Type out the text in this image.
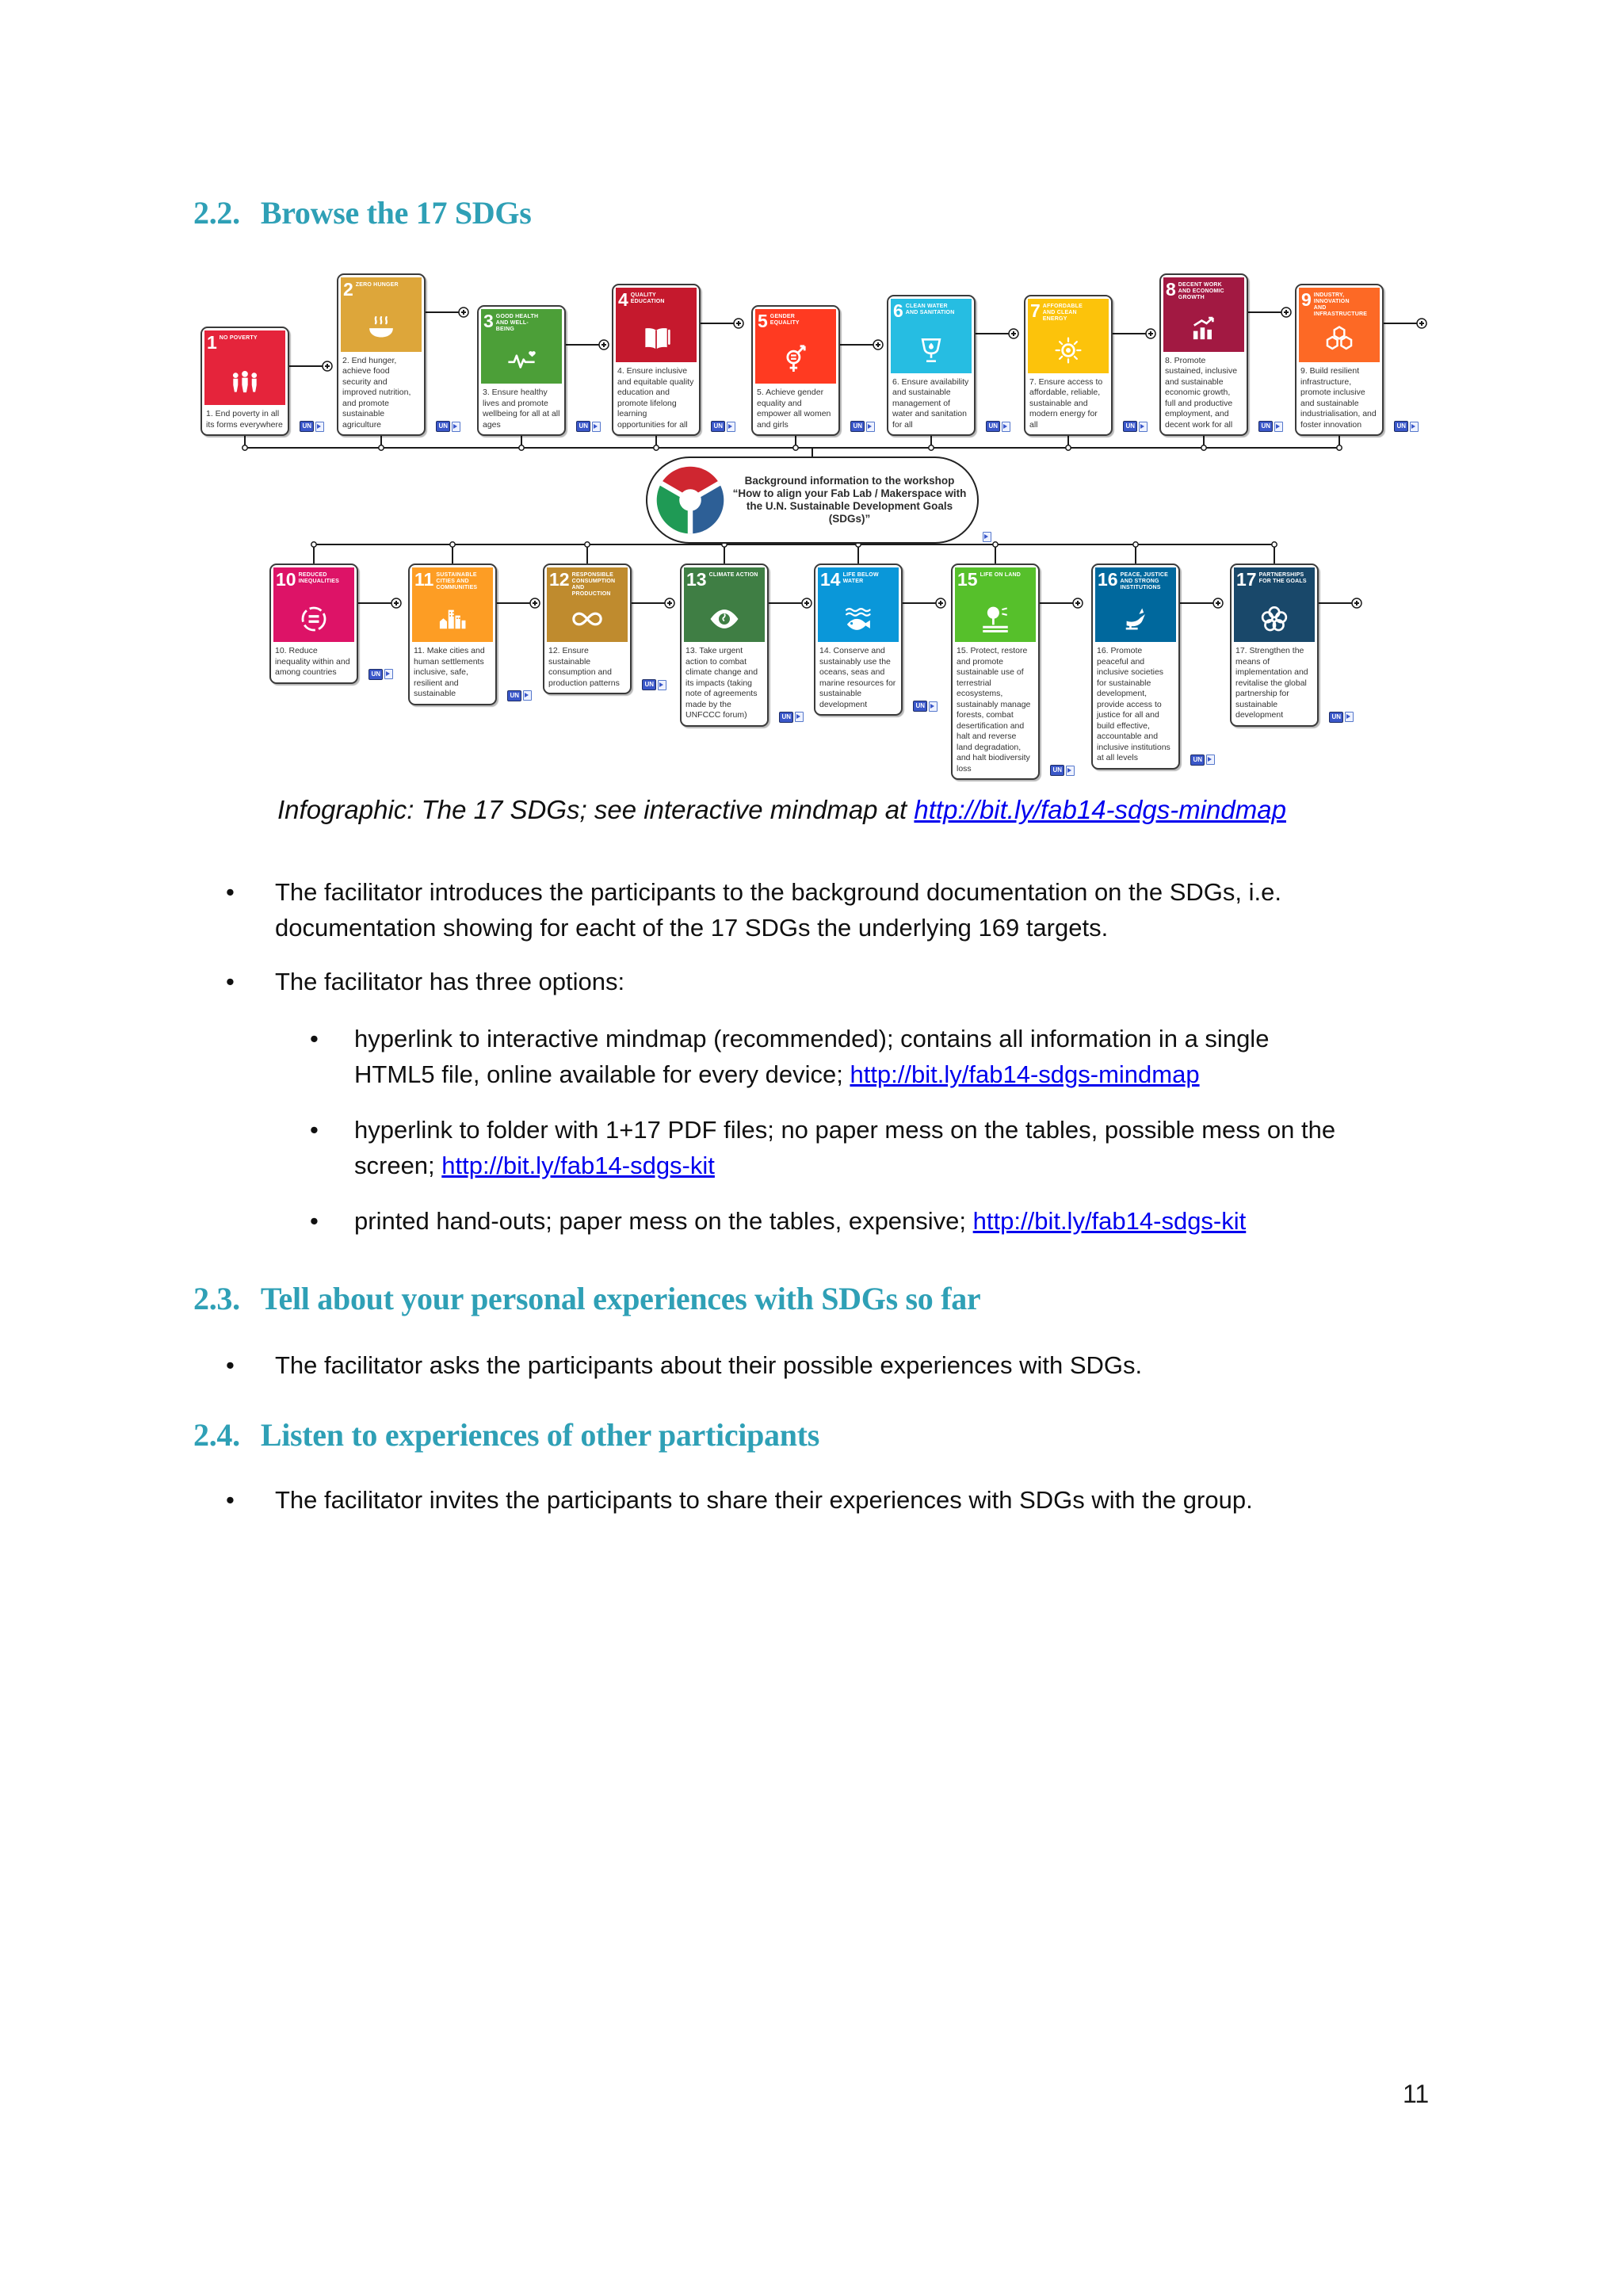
2.2. Browse the 17 SDGs
Background information to the workshop “How to align your Fab Lab / Makerspace with the U.N. Sustainable Development Goals (SDGs)”
1 NO POVERTY
1. End poverty in all its forms everywhere	UN
2 ZERO HUNGER
2. End hunger, achieve food security and improved nutrition, and promote sustainable agriculture	UN
3 GOOD HEALTH AND WELL-BEING
3. Ensure healthy lives and promote wellbeing for all at all ages	UN
4 QUALITY EDUCATION
4. Ensure inclusive and equitable quality education and promote lifelong learning opportunities for all	UN
5 GENDER EQUALITY
5. Achieve gender equality and empower all women and girls	UN
6 CLEAN WATER AND SANITATION
6. Ensure availability and sustainable management of water and sanitation for all	UN
7 AFFORDABLE AND CLEAN ENERGY
7. Ensure access to affordable, reliable, sustainable and modern energy for all	UN
8 DECENT WORK AND ECONOMIC GROWTH
8. Promote sustained, inclusive and sustainable economic growth, full and productive employment, and decent work for all	UN
9 INDUSTRY, INNOVATION AND INFRASTRUCTURE
9. Build resilient infrastructure, promote inclusive and sustainable industrialisation, and foster innovation	UN
10 REDUCED INEQUALITIES
10. Reduce inequality within and among countries	UN
11 SUSTAINABLE CITIES AND COMMUNITIES
11. Make cities and human settlements inclusive, safe, resilient and sustainable	UN
12 RESPONSIBLE CONSUMPTION AND PRODUCTION
12. Ensure sustainable consumption and production patterns	UN
13 CLIMATE ACTION
13. Take urgent action to combat climate change and its impacts (taking note of agreements made by the UNFCCC forum)	UN
14 LIFE BELOW WATER
14. Conserve and sustainably use the oceans, seas and marine resources for sustainable development	UN
15 LIFE ON LAND
15. Protect, restore and promote sustainable use of terrestrial ecosystems, sustainably manage forests, combat desertification and halt and reverse land degradation, and halt biodiversity loss	UN
16 PEACE, JUSTICE AND STRONG INSTITUTIONS
16. Promote peaceful and inclusive societies for sustainable development, provide access to justice for all and build effective, accountable and inclusive institutions at all levels	UN
17 PARTNERSHIPS FOR THE GOALS
17. Strengthen the means of implementation and revitalise the global partnership for sustainable development	UN
Infographic: The 17 SDGs; see interactive mindmap at http://bit.ly/fab14-sdgs-mindmap
•
The facilitator introduces the participants to the background documentation on the SDGs, i.e. documentation showing for eacht of the 17 SDGs the underlying 169 targets.
•
The facilitator has three options:
•
hyperlink to interactive mindmap (recommended); contains all information in a single HTML5 file, online available for every device; http://bit.ly/fab14-sdgs-mindmap
•
hyperlink to folder with 1+17 PDF files; no paper mess on the tables, possible mess on the screen; http://bit.ly/fab14-sdgs-kit
•
printed hand-outs; paper mess on the tables, expensive; http://bit.ly/fab14-sdgs-kit
2.3. Tell about your personal experiences with SDGs so far
•
The facilitator asks the participants about their possible experiences with SDGs.
2.4. Listen to experiences of other participants
•
The facilitator invites the participants to share their experiences with SDGs with the group.
11
